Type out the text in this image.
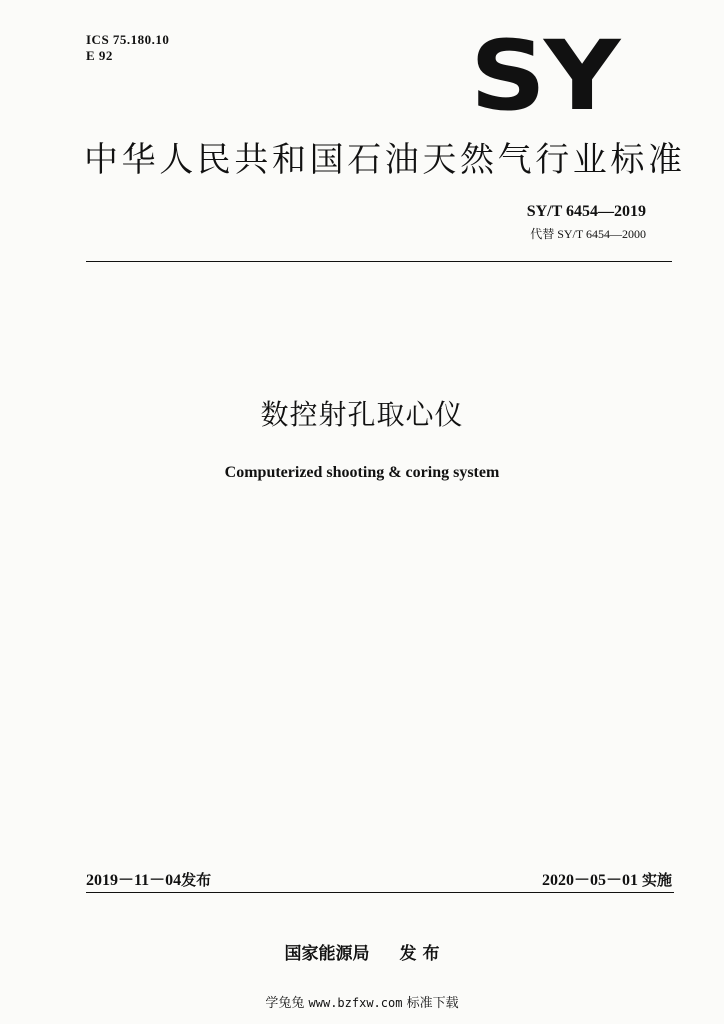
ICS 75.180.10
E 92	SY
中华人民共和国石油天然气行业标准
SY/T 6454—2019
代替 SY/T 6454—2000
数控射孔取心仪
Computerized shooting & coring system
2019－11－04发布	2020－05－01 实施
国家能源局 发 布
学兔兔 www.bzfxw.com 标准下载
